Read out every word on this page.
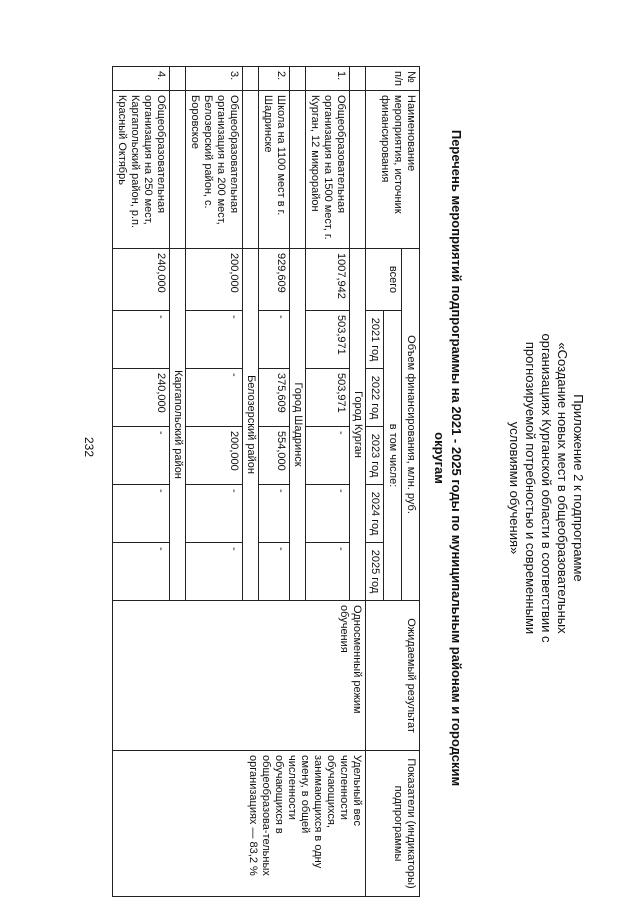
232	Приложение 2 к подпрограмме
«Создание новых мест в общеобразовательных
организациях Курганской области в соответствии с
прогнозируемой потребностью и современными
условиями обучения»
Перечень мероприятий подпрограммы на 2021 - 2025 годы по муниципальным районам и городским
округам
№ п/п	Наименование мероприятия, источник финансирования	Объем финансирования, млн. руб.						Ожидаемый результат	Показатели (индикаторы) подпрограммы
		всего	в том числе:						
			2021 год	2022 год	2023 год	2024 год	2025 год		
		Город Курган						Односменный режим обучения	Удельный вес численности обучающихся, занимающихся в одну смену, в общей численности обучающихся в общеобразова-тельных организациях — 83,2 %
1.	Общеобразовательная организация на 1500 мест, г. Курган, 12 микрорайон	1007,942	503,971	503,971	-	-	-		
		Город Шадринск							
2.	Школа на 1100 мест в г. Шадринске	929,609	-	375,609	554,000	-	-		
		Белозерский район							
3.	Общеобразовательная организация на 200 мест, Белозерский район, с. Боровское	200,000	-	-	200,000	-	-		
		Каргапольский район							
4.	Общеобразовательная организация на 250 мест, Каргапольский район, р.п. Красный Октябрь	240,000	-	240,000	-	-	-		
